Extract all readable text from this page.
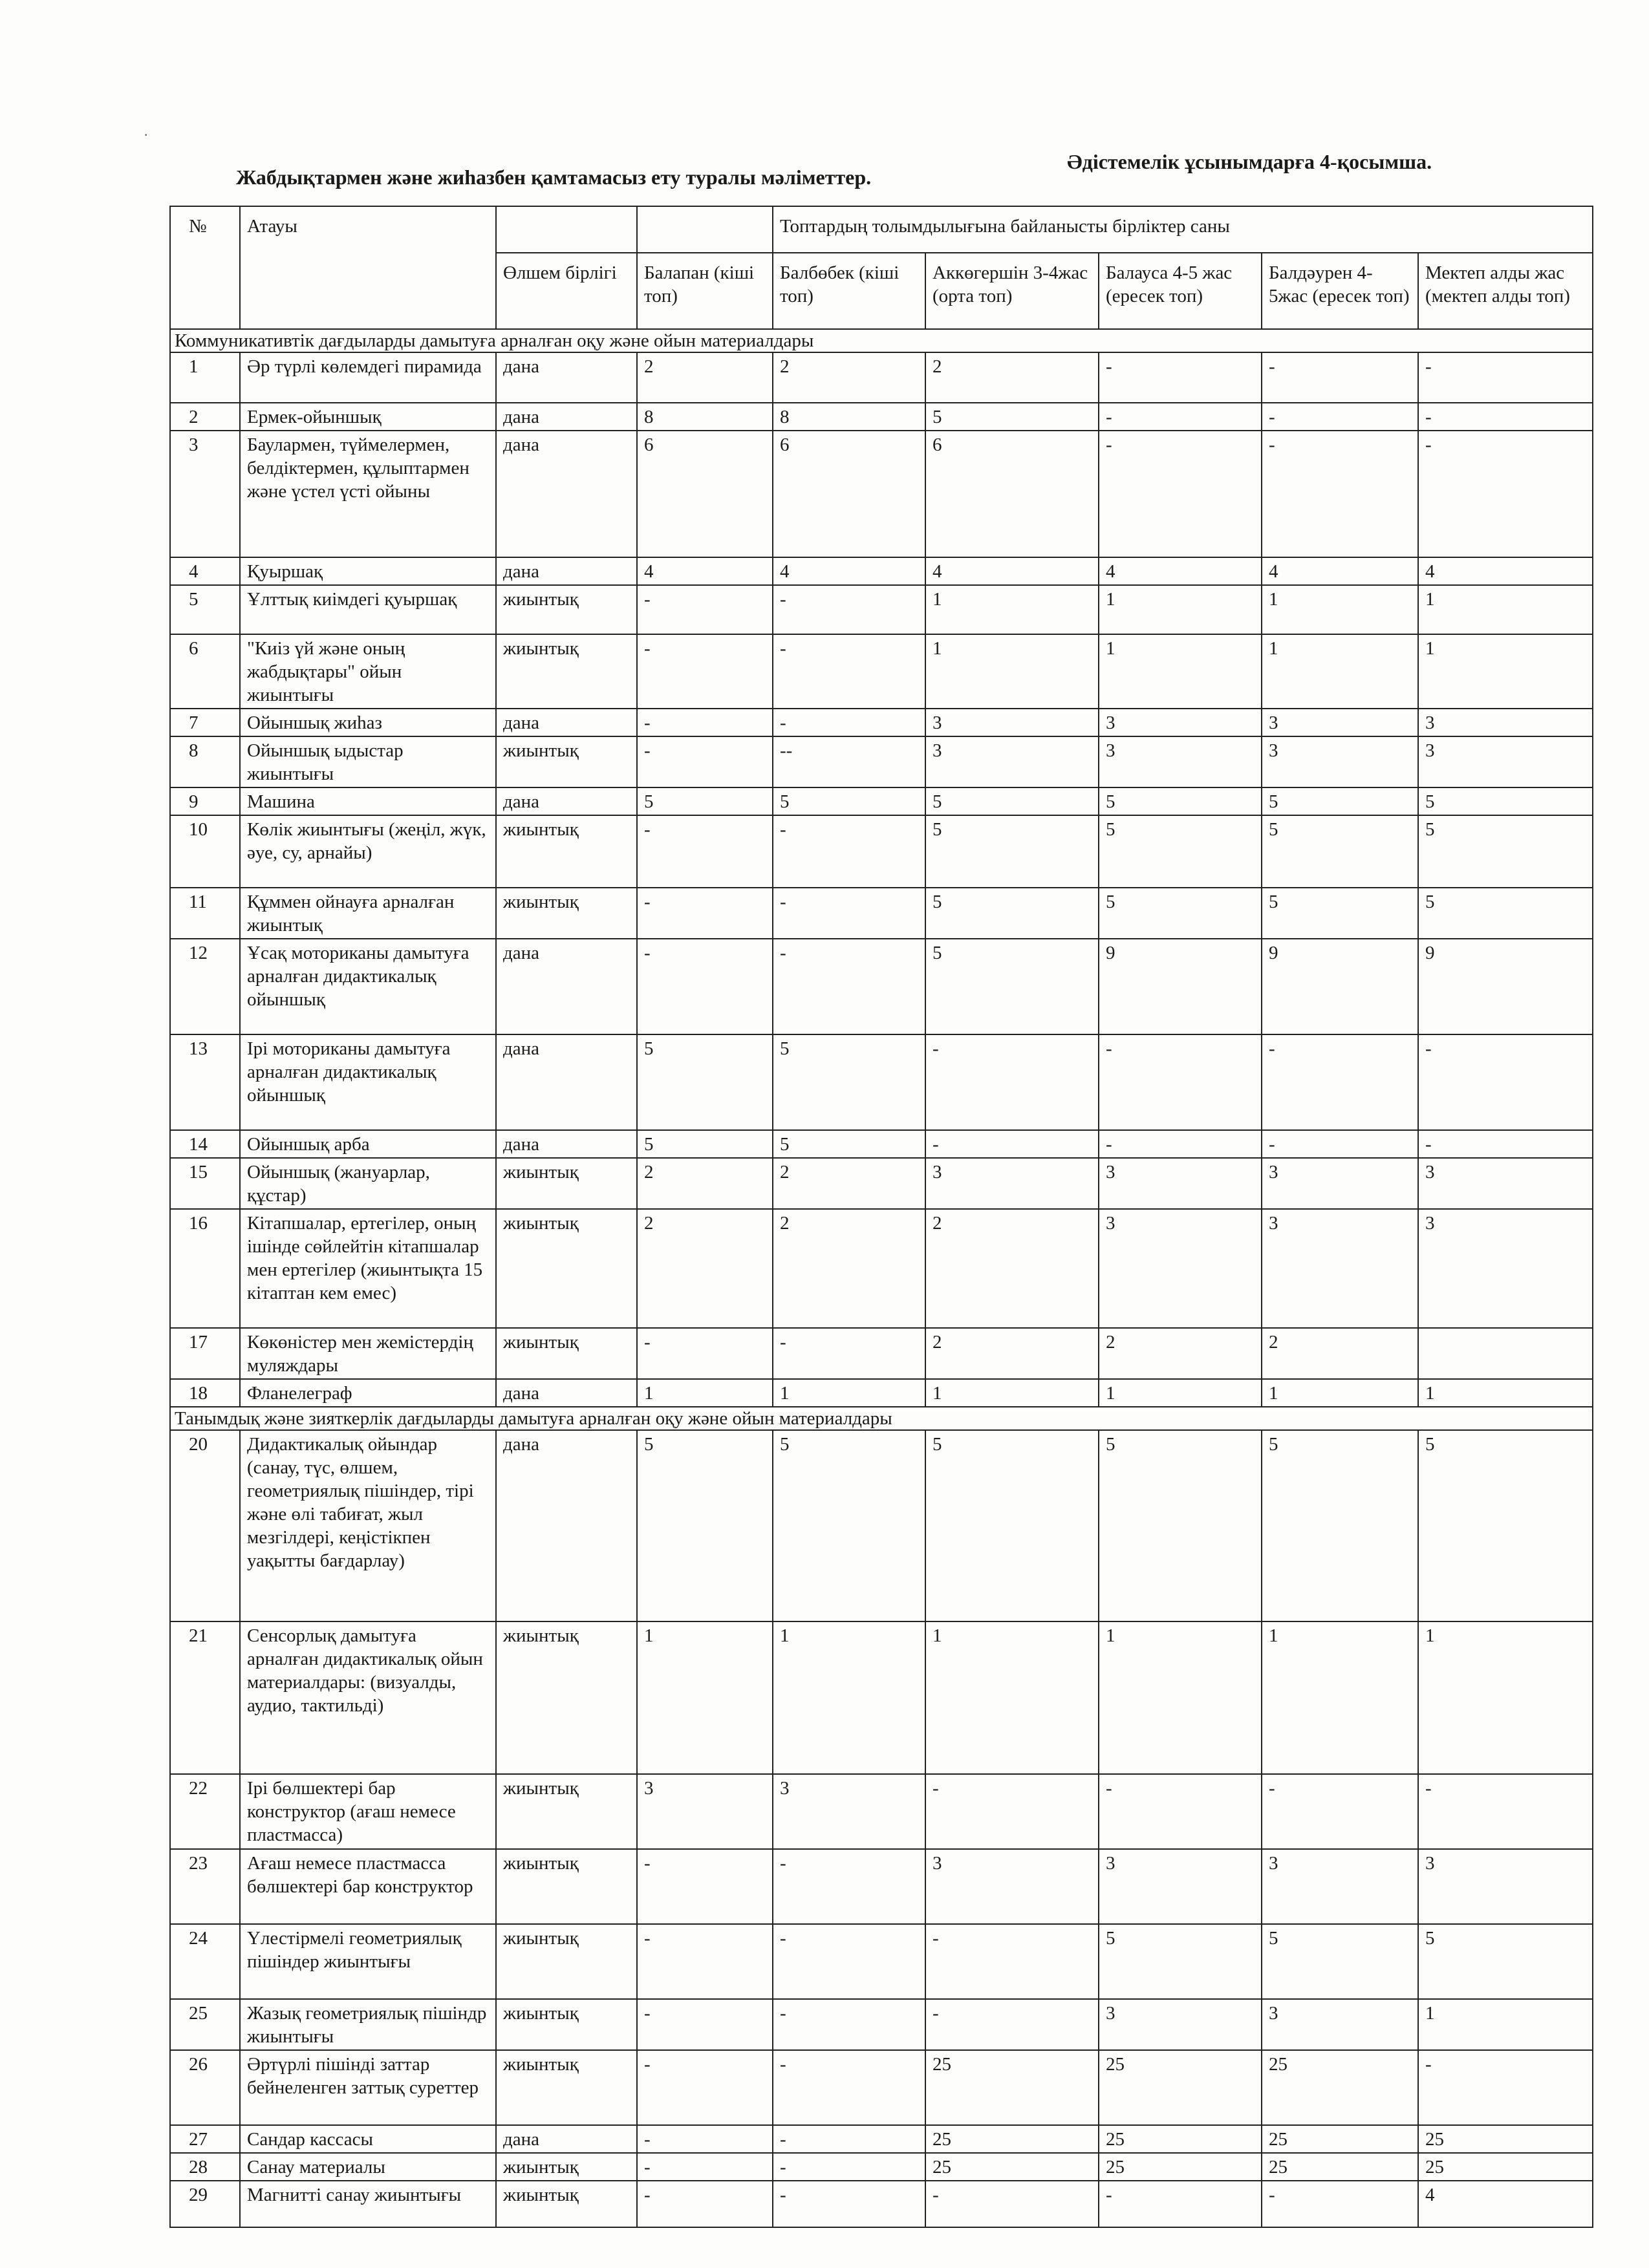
Әдістемелік ұсынымдарға 4-қосымша.
Жабдықтармен және жиһазбен қамтамасыз ету туралы мәліметтер.
·
№	Атауы			Топтардың толымдылығына байланысты бірліктер саны				
		Өлшем бірлігі	Балапан (кіші топ)	Балбөбек (кіші топ)	Аккөгершін 3-4жас (орта топ)	Балауса 4-5 жас (ересек топ)	Балдәурен 4-5жас (ересек топ)	Мектеп алды жас (мектеп алды топ)
Коммуникативтік дағдыларды дамытуға арналған оқу және ойын материалдары								
1	Әр түрлі көлемдегі пирамида	дана	2	2	2	-	-	-
2	Ермек-ойыншық	дана	8	8	5	-	-	-
3	Баулармен, түймелермен, белдіктермен, құлыптармен және үстел үсті ойыны	дана	6	6	6	-	-	-
4	Қуыршақ	дана	4	4	4	4	4	4
5	Ұлттық киімдегі қуыршақ	жиынтық	-	-	1	1	1	1
6	"Киіз үй және оның жабдықтары" ойын жиынтығы	жиынтық	-	-	1	1	1	1
7	Ойыншық жиһаз	дана	-	-	3	3	3	3
8	Ойыншық ыдыстар жиынтығы	жиынтық	-	--	3	3	3	3
9	Машина	дана	5	5	5	5	5	5
10	Көлік жиынтығы (жеңіл, жүк, әуе, су, арнайы)	жиынтық	-	-	5	5	5	5
11	Құммен ойнауға арналған жиынтық	жиынтық	-	-	5	5	5	5
12	Ұсақ моториканы дамытуға арналған дидактикалық ойыншық	дана	-	-	5	9	9	9
13	Ірі моториканы дамытуға арналған дидактикалық ойыншық	дана	5	5	-	-	-	-
14	Ойыншық арба	дана	5	5	-	-	-	-
15	Ойыншық (жануарлар, құстар)	жиынтық	2	2	3	3	3	3
16	Кітапшалар, ертегілер, оның ішінде сөйлейтін кітапшалар мен ертегілер (жиынтықта 15 кітаптан кем емес)	жиынтық	2	2	2	3	3	3
17	Көкөністер мен жемістердің муляждары	жиынтық	-	-	2	2	2	
18	Фланелеграф	дана	1	1	1	1	1	1
Танымдық және зияткерлік дағдыларды дамытуға арналған оқу және ойын материалдары								
20	Дидактикалық ойындар (санау, түс, өлшем, геометриялық пішіндер, тірі және өлі табиғат, жыл мезгілдері, кеңістікпен уақытты бағдарлау)	дана	5	5	5	5	5	5
21	Сенсорлық дамытуға арналған дидактикалық ойын материалдары: (визуалды, аудио, тактильді)	жиынтық	1	1	1	1	1	1
22	Ірі бөлшектері бар конструктор (ағаш немесе пластмасса)	жиынтық	3	3	-	-	-	-
23	Ағаш немесе пластмасса бөлшектері бар конструктор	жиынтық	-	-	3	3	3	3
24	Үлестірмелі геометриялық пішіндер жиынтығы	жиынтық	-	-	-	5	5	5
25	Жазық геометриялық пішіндр жиынтығы	жиынтық	-	-	-	3	3	1
26	Әртүрлі пішінді заттар бейнеленген заттық суреттер	жиынтық	-	-	25	25	25	-
27	Сандар кассасы	дана	-	-	25	25	25	25
28	Санау материалы	жиынтық	-	-	25	25	25	25
29	Магнитті санау жиынтығы	жиынтық	-	-	-	-	-	4
